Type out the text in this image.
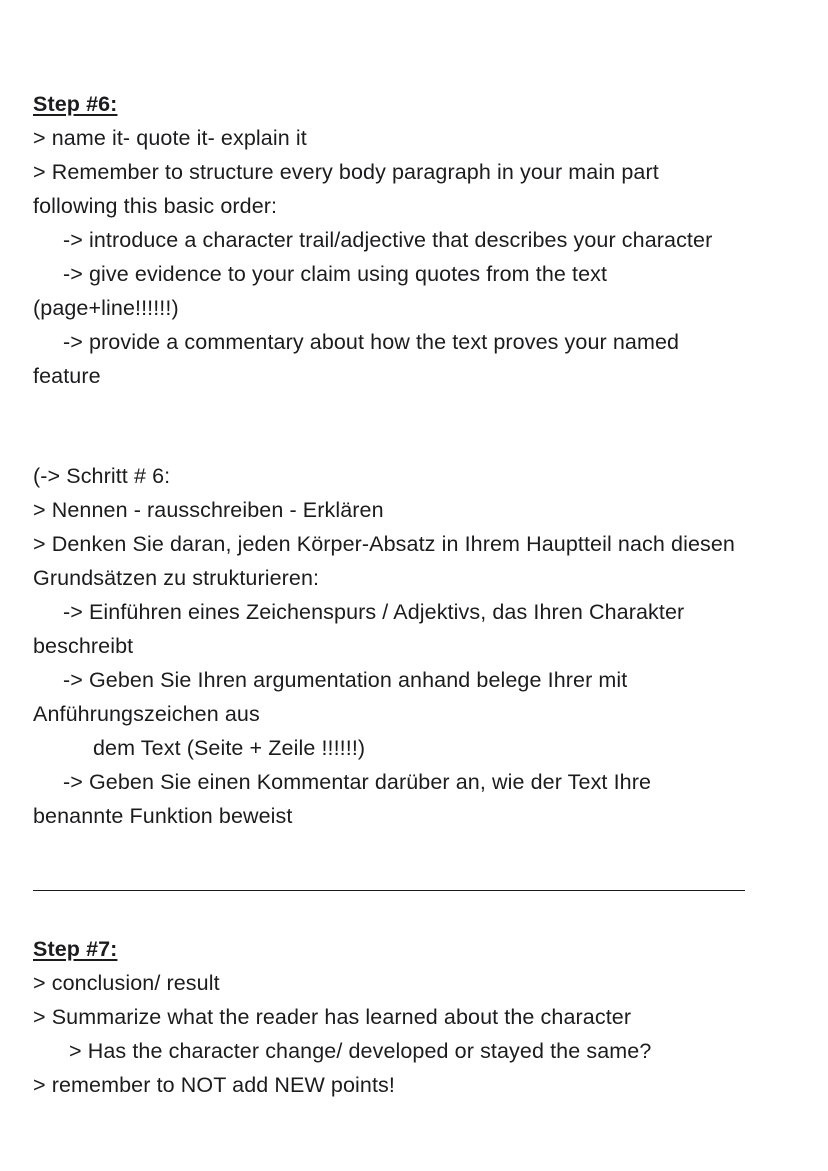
Step #6:
> name it- quote it- explain it
> Remember to structure every body paragraph in your main part
following this basic order:
-> introduce a character trail/adjective that describes your character
-> give evidence to your claim using quotes from the text
(page+line!!!!!!)
-> provide a commentary about how the text proves your named
feature
(-> Schritt # 6:
> Nennen - rausschreiben - Erklären
> Denken Sie daran, jeden Körper-Absatz in Ihrem Hauptteil nach diesen
Grundsätzen zu strukturieren:
-> Einführen eines Zeichenspurs / Adjektivs, das Ihren Charakter
beschreibt
-> Geben Sie Ihren argumentation anhand belege Ihrer mit
Anführungszeichen aus
dem Text (Seite + Zeile !!!!!!)
-> Geben Sie einen Kommentar darüber an, wie der Text Ihre
benannte Funktion beweist
Step #7:
> conclusion/ result
> Summarize what the reader has learned about the character
> Has the character change/ developed or stayed the same?
> remember to NOT add NEW points!
